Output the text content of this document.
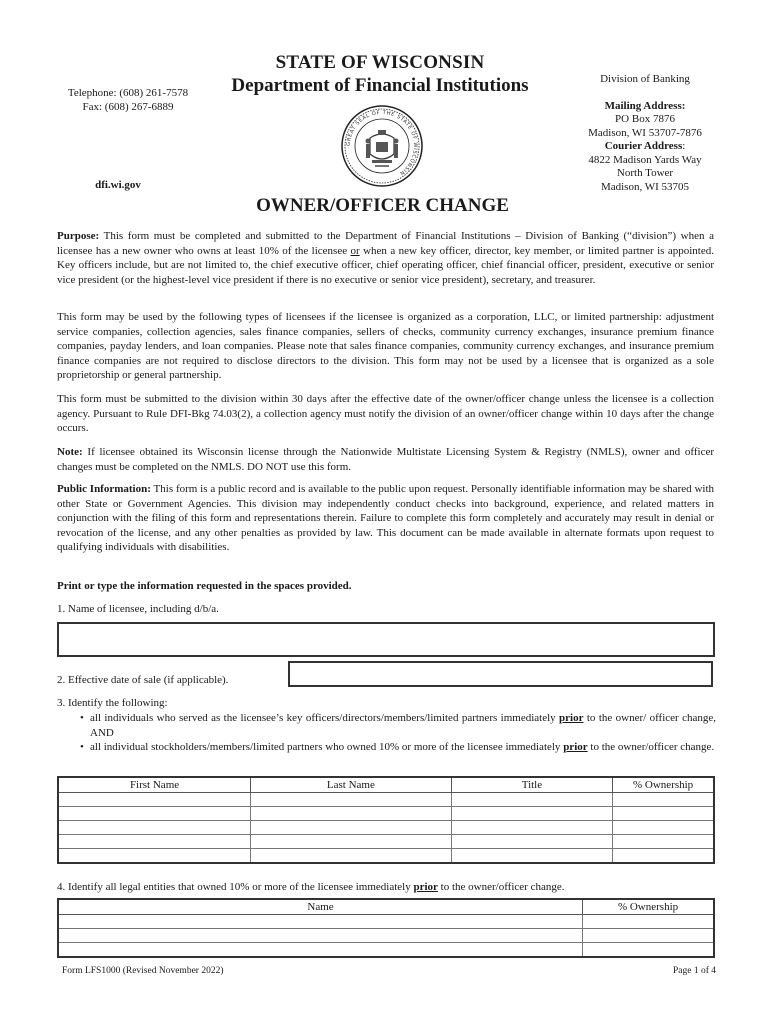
Telephone: (608) 261-7578
Fax: (608) 267-6889
dfi.wi.gov
STATE OF WISCONSIN
Department of Financial Institutions
GREAT SEAL OF THE STATE OF WISCONSIN
Division of Banking
Mailing Address:
PO Box 7876
Madison, WI 53707-7876
Courier Address:
4822 Madison Yards Way
North Tower
Madison, WI 53705
OWNER/OFFICER CHANGE
Purpose: This form must be completed and submitted to the Department of Financial Institutions – Division of Banking (“division”) when a licensee has a new owner who owns at least 10% of the licensee or when a new key officer, director, key member, or limited partner is appointed. Key officers include, but are not limited to, the chief executive officer, chief operating officer, chief financial officer, president, executive or senior vice president (or the highest-level vice president if there is no executive or senior vice president), secretary, and treasurer.
This form may be used by the following types of licensees if the licensee is organized as a corporation, LLC, or limited partnership: adjustment service companies, collection agencies, sales finance companies, sellers of checks, community currency exchanges, insurance premium finance companies, payday lenders, and loan companies. Please note that sales finance companies, community currency exchanges, and insurance premium finance companies are not required to disclose directors to the division. This form may not be used by a licensee that is organized as a sole proprietorship or general partnership.
This form must be submitted to the division within 30 days after the effective date of the owner/officer change unless the licensee is a collection agency. Pursuant to Rule DFI-Bkg 74.03(2), a collection agency must notify the division of an owner/officer change within 10 days after the change occurs.
Note: If licensee obtained its Wisconsin license through the Nationwide Multistate Licensing System & Registry (NMLS), owner and officer changes must be completed on the NMLS. DO NOT use this form.
Public Information: This form is a public record and is available to the public upon request. Personally identifiable information may be shared with other State or Government Agencies. This division may independently conduct checks into background, experience, and related matters in conjunction with the filing of this form and representations therein. Failure to complete this form completely and accurately may result in denial or revocation of the license, and any other penalties as provided by law. This document can be made available in alternate formats upon request to qualifying individuals with disabilities.
Print or type the information requested in the spaces provided.
1. Name of licensee, including d/b/a.
2. Effective date of sale (if applicable).
3. Identify the following:
• all individuals who served as the licensee’s key officers/directors/members/limited partners immediately prior to the owner/ officer change, AND
• all individual stockholders/members/limited partners who owned 10% or more of the licensee immediately prior to the owner/officer change.
First Name	Last Name	Title	% Ownership

4. Identify all legal entities that owned 10% or more of the licensee immediately prior to the owner/officer change.
Name	% Ownership

Form LFS1000 (Revised November 2022)	Page 1 of 4
